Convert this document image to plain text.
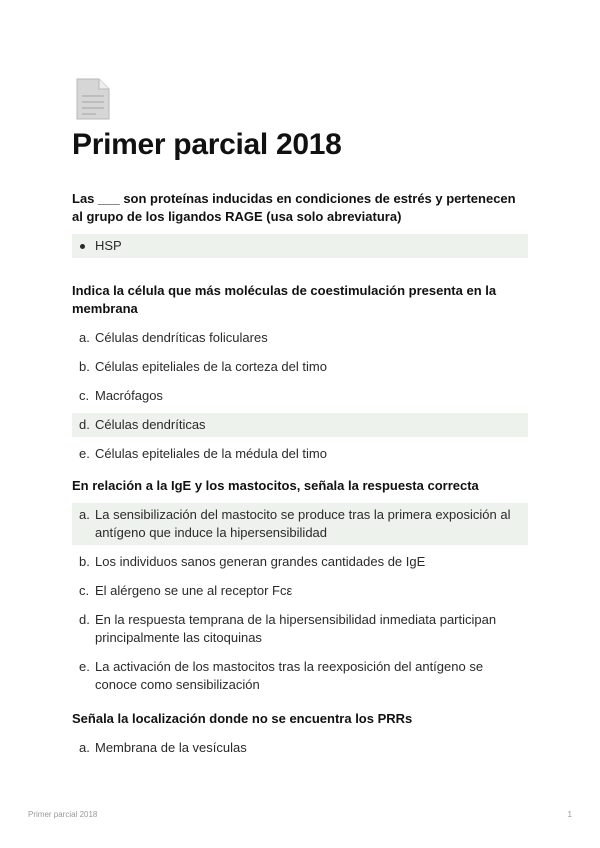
Primer parcial 2018

Las ___ son proteínas inducidas en condiciones de estrés y pertenecen al grupo de los ligandos RAGE (usa solo abreviatura)

HSP

Indica la célula que más moléculas de coestimulación presenta en la membrana

a. Células dendríticas foliculares
b. Células epiteliales de la corteza del timo
c. Macrófagos
d. Células dendríticas
e. Células epiteliales de la médula del timo

En relación a la IgE y los mastocitos, señala la respuesta correcta

a. La sensibilización del mastocito se produce tras la primera exposición al antígeno que induce la hipersensibilidad
b. Los individuos sanos generan grandes cantidades de IgE
c. El alérgeno se une al receptor Fcε
d. En la respuesta temprana de la hipersensibilidad inmediata participan principalmente las citoquinas
e. La activación de los mastocitos tras la reexposición del antígeno se conoce como sensibilización

Señala la localización donde no se encuentra los PRRs

a. Membrana de la vesículas
Primer parcial 2018	1
